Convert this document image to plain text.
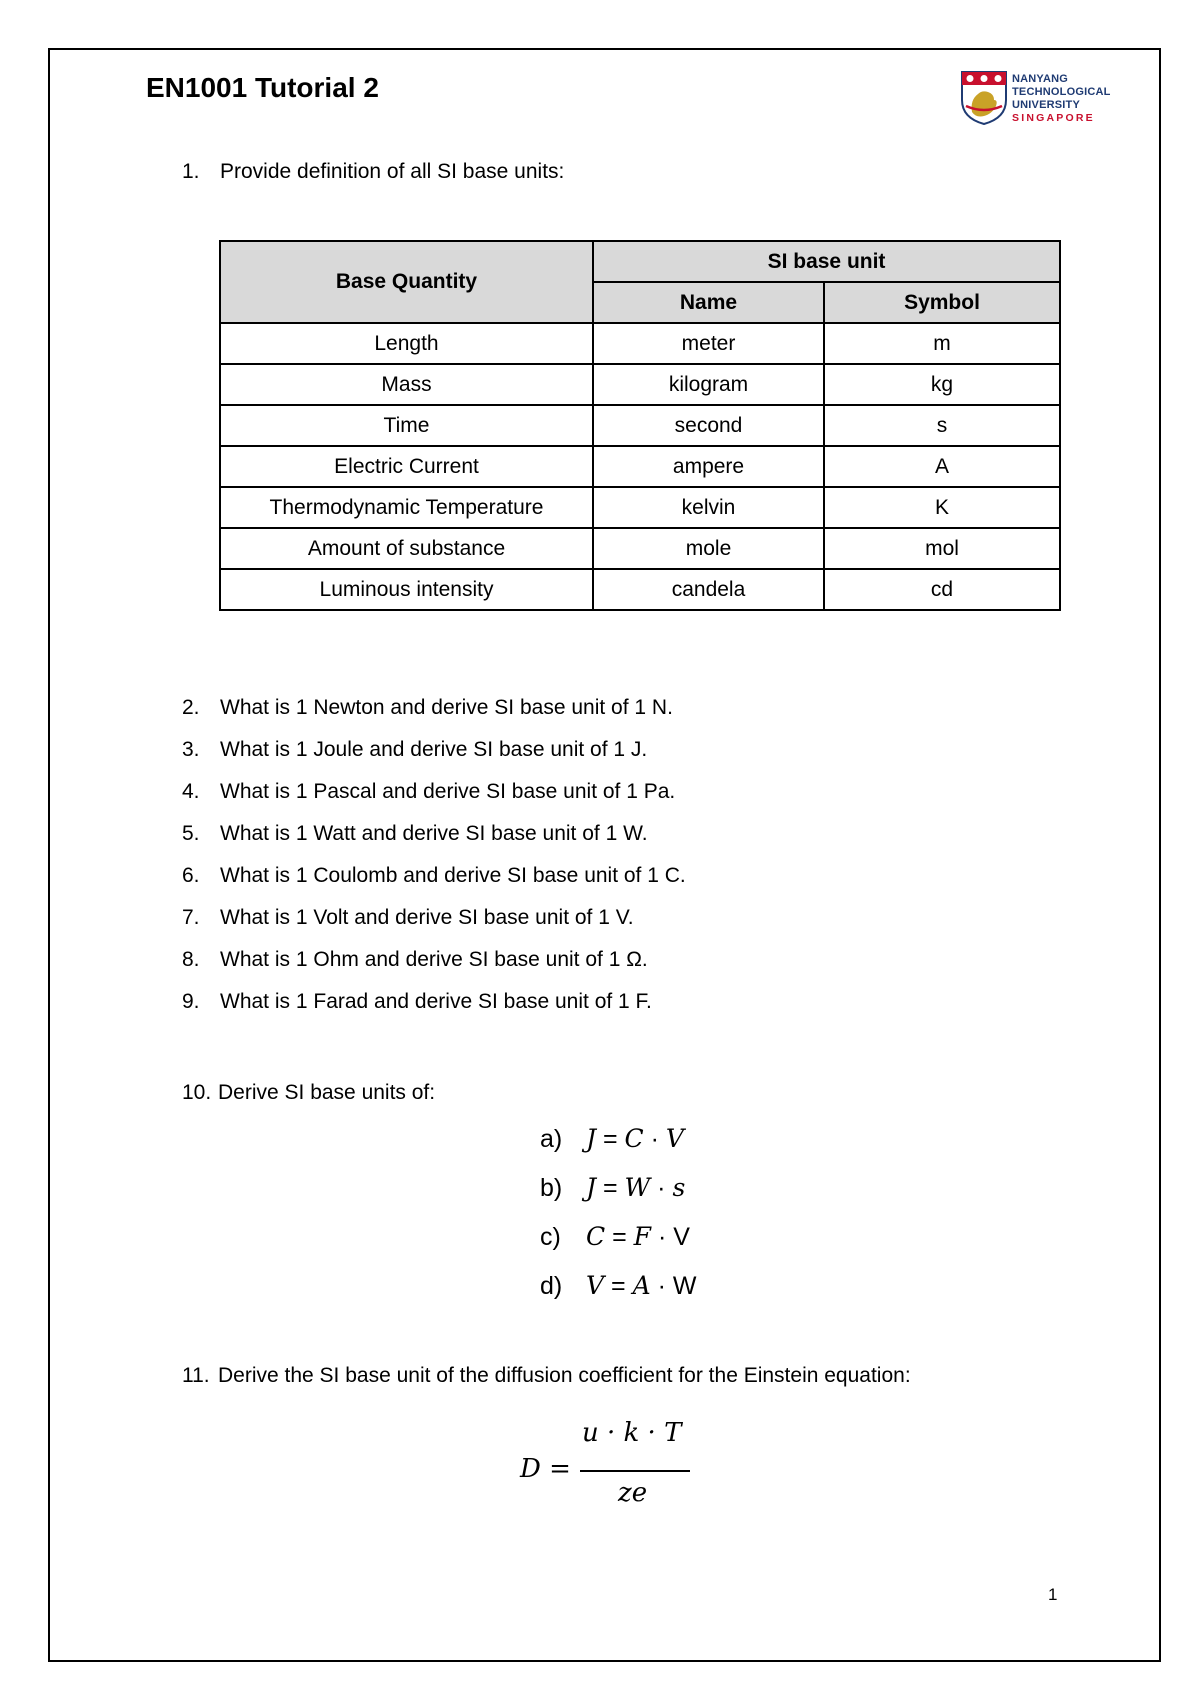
EN1001 Tutorial 2	NANYANG
TECHNOLOGICAL
UNIVERSITY
SINGAPORE
1. Provide definition of all SI base units:
Base Quantity	SI base unit	
	Name	Symbol
Length	meter	m
Mass	kilogram	kg
Time	second	s
Electric Current	ampere	A
Thermodynamic Temperature	kelvin	K
Amount of substance	mole	mol
Luminous intensity	candela	cd
2. What is 1 Newton and derive SI base unit of 1 N.
3. What is 1 Joule and derive SI base unit of 1 J.
4. What is 1 Pascal and derive SI base unit of 1 Pa.
5. What is 1 Watt and derive SI base unit of 1 W.
6. What is 1 Coulomb and derive SI base unit of 1 C.
7. What is 1 Volt and derive SI base unit of 1 V.
8. What is 1 Ohm and derive SI base unit of 1 Ω.
9. What is 1 Farad and derive SI base unit of 1 F.
10. Derive SI base units of:
a) J = C · V
b) J = W · s
c) C = F · V
d) V = A · W
11. Derive the SI base unit of the diffusion coefficient for the Einstein equation:
D =
u · k · T
ze
1
